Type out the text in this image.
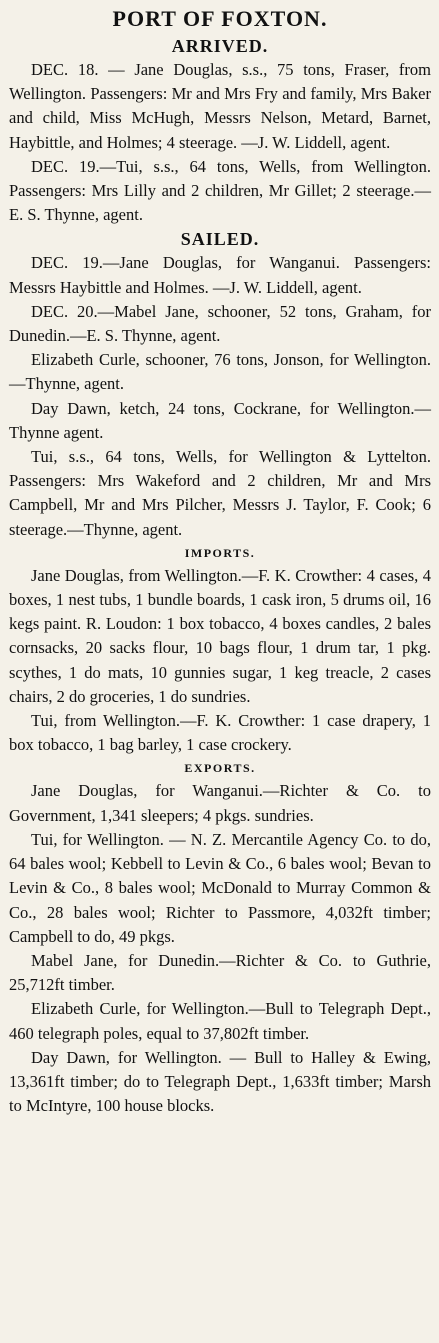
PORT OF FOXTON.
ARRIVED.

DEC. 18. — Jane Douglas, s.s., 75 tons, Fraser, from Wellington. Passengers: Mr and Mrs Fry and family, Mrs Baker and child, Miss McHugh, Messrs Nelson, Metard, Barnet, Haybittle, and Holmes; 4 steerage. —J. W. Liddell, agent.

DEC. 19.—Tui, s.s., 64 tons, Wells, from Wellington. Passengers: Mrs Lilly and 2 children, Mr Gillet; 2 steerage.—E. S. Thynne, agent.

SAILED.

DEC. 19.—Jane Douglas, for Wanganui. Passengers: Messrs Haybittle and Holmes. —J. W. Liddell, agent.

DEC. 20.—Mabel Jane, schooner, 52 tons, Graham, for Dunedin.—E. S. Thynne, agent.

Elizabeth Curle, schooner, 76 tons, Jonson, for Wellington.—Thynne, agent.

Day Dawn, ketch, 24 tons, Cockrane, for Wellington.—Thynne agent.

Tui, s.s., 64 tons, Wells, for Wellington & Lyttelton. Passengers: Mrs Wakeford and 2 children, Mr and Mrs Campbell, Mr and Mrs Pilcher, Messrs J. Taylor, F. Cook; 6 steerage.—Thynne, agent.

IMPORTS.

Jane Douglas, from Wellington.—F. K. Crowther: 4 cases, 4 boxes, 1 nest tubs, 1 bundle boards, 1 cask iron, 5 drums oil, 16 kegs paint. R. Loudon: 1 box tobacco, 4 boxes candles, 2 bales cornsacks, 20 sacks flour, 10 bags flour, 1 drum tar, 1 pkg. scythes, 1 do mats, 10 gunnies sugar, 1 keg treacle, 2 cases chairs, 2 do groceries, 1 do sundries.

Tui, from Wellington.—F. K. Crowther: 1 case drapery, 1 box tobacco, 1 bag barley, 1 case crockery.

EXPORTS.

Jane Douglas, for Wanganui.—Richter & Co. to Government, 1,341 sleepers; 4 pkgs. sundries.

Tui, for Wellington. — N. Z. Mercantile Agency Co. to do, 64 bales wool; Kebbell to Levin & Co., 6 bales wool; Bevan to Levin & Co., 8 bales wool; McDonald to Murray Common & Co., 28 bales wool; Richter to Passmore, 4,032ft timber; Campbell to do, 49 pkgs.

Mabel Jane, for Dunedin.—Richter & Co. to Guthrie, 25,712ft timber.

Elizabeth Curle, for Wellington.—Bull to Telegraph Dept., 460 telegraph poles, equal to 37,802ft timber.

Day Dawn, for Wellington. — Bull to Halley & Ewing, 13,361ft timber; do to Telegraph Dept., 1,633ft timber; Marsh to McIntyre, 100 house blocks.
